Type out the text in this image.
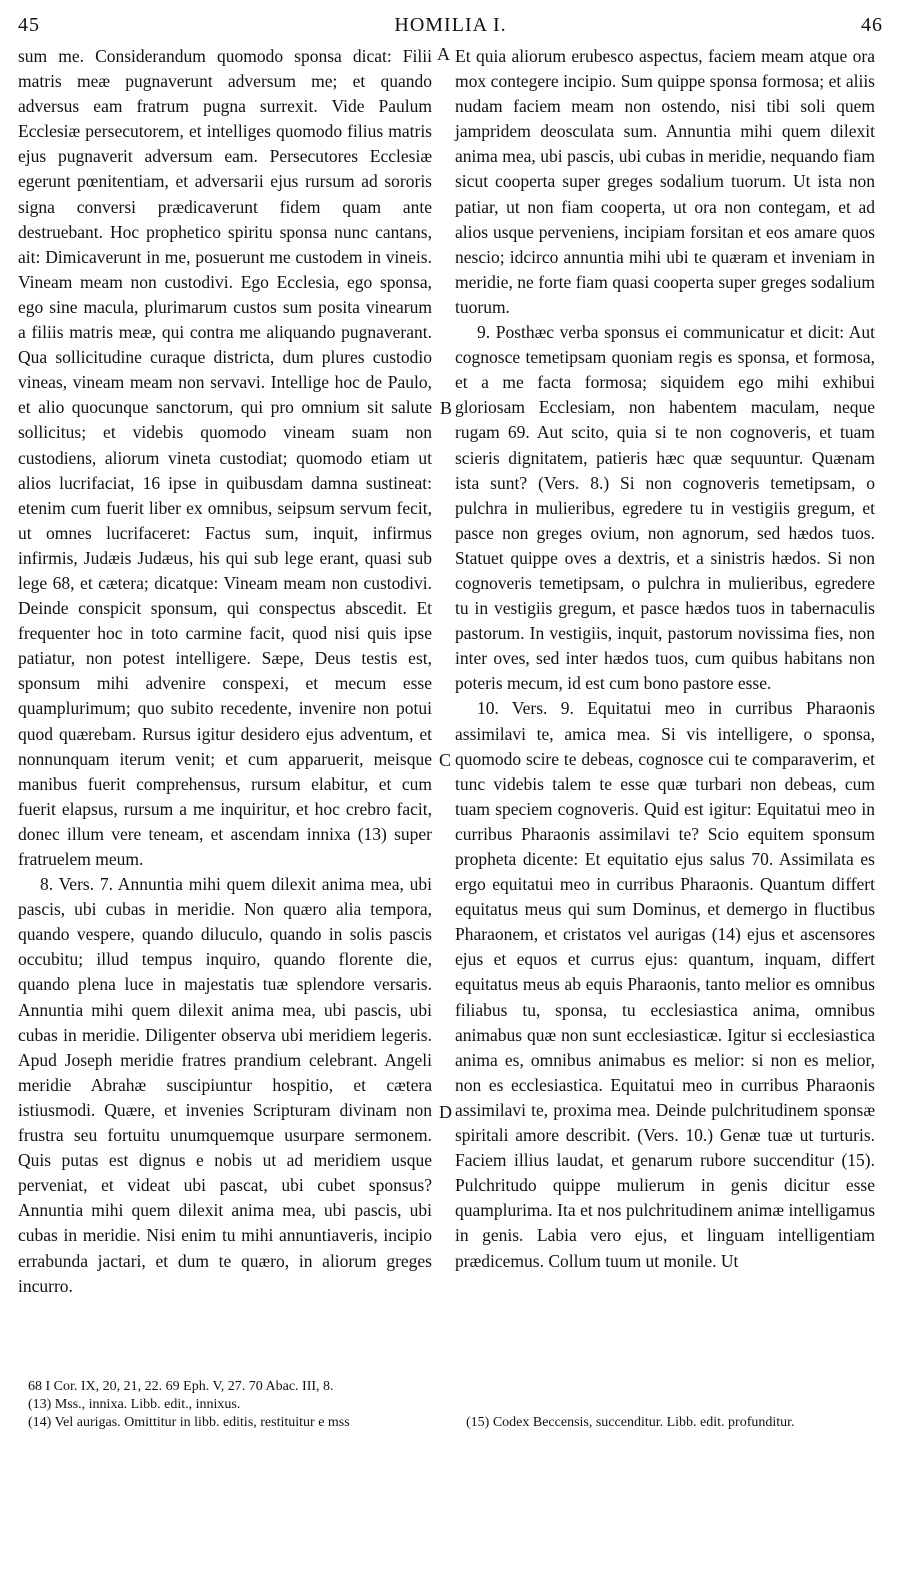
45	HOMILIA I.	46

sum me. Considerandum quomodo sponsa dicat: Filii matris meæ pugnaverunt adversum me; et quando adversus eam fratrum pugna surrexit. Vide Paulum Ecclesiæ persecutorem, et intelliges quomodo filius matris ejus pugnaverit adversum eam. Persecutores Ecclesiæ egerunt pœnitentiam, et adversarii ejus rursum ad sororis signa conversi prædicaverunt fidem quam ante destruebant. Hoc prophetico spiritu sponsa nunc cantans, ait: Dimicaverunt in me, posuerunt me custodem in vineis. Vineam meam non custodivi. Ego Ecclesia, ego sponsa, ego sine macula, plurimarum custos sum posita vinearum a filiis matris meæ, qui contra me aliquando pugnaverant. Qua sollicitudine curaque districta, dum plures custodio vineas, vineam meam non servavi. Intellige hoc de Paulo, et alio quocunque sanctorum, qui pro omnium sit salute sollicitus; et videbis quomodo vineam suam non custodiens, aliorum vineta custodiat; quomodo etiam ut alios lucrifaciat, 16 ipse in quibusdam damna sustineat: etenim cum fuerit liber ex omnibus, seipsum servum fecit, ut omnes lucrifaceret: Factus sum, inquit, infirmus infirmis, Judæis Judæus, his qui sub lege erant, quasi sub lege 68, et cætera; dicatque: Vineam meam non custodivi. Deinde conspicit sponsum, qui conspectus abscedit. Et frequenter hoc in toto carmine facit, quod nisi quis ipse patiatur, non potest intelligere. Sæpe, Deus testis est, sponsum mihi advenire conspexi, et mecum esse quamplurimum; quo subito recedente, invenire non potui quod quærebam. Rursus igitur desidero ejus adventum, et nonnunquam iterum venit; et cum apparuerit, meisque manibus fuerit comprehensus, rursum elabitur, et cum fuerit elapsus, rursum a me inquiritur, et hoc crebro facit, donec illum vere teneam, et ascendam innixa (13) super fratruelem meum.

8. Vers. 7. Annuntia mihi quem dilexit anima mea, ubi pascis, ubi cubas in meridie. Non quæro alia tempora, quando vespere, quando diluculo, quando in solis pascis occubitu; illud tempus inquiro, quando florente die, quando plena luce in majestatis tuæ splendore versaris. Annuntia mihi quem dilexit anima mea, ubi pascis, ubi cubas in meridie. Diligenter observa ubi meridiem legeris. Apud Joseph meridie fratres prandium celebrant. Angeli meridie Abrahæ suscipiuntur hospitio, et cætera istiusmodi. Quære, et invenies Scripturam divinam non frustra seu fortuitu unumquemque usurpare sermonem. Quis putas est dignus e nobis ut ad meridiem usque perveniat, et videat ubi pascat, ubi cubet sponsus? Annuntia mihi quem dilexit anima mea, ubi pascis, ubi cubas in meridie. Nisi enim tu mihi annuntiaveris, incipio errabunda jactari, et dum te quæro, in aliorum greges incurro.

A
B
C
D

Et quia aliorum erubesco aspectus, faciem meam atque ora mox contegere incipio. Sum quippe sponsa formosa; et aliis nudam faciem meam non ostendo, nisi tibi soli quem jampridem deosculata sum. Annuntia mihi quem dilexit anima mea, ubi pascis, ubi cubas in meridie, nequando fiam sicut cooperta super greges sodalium tuorum. Ut ista non patiar, ut non fiam cooperta, ut ora non contegam, et ad alios usque perveniens, incipiam forsitan et eos amare quos nescio; idcirco annuntia mihi ubi te quæram et inveniam in meridie, ne forte fiam quasi cooperta super greges sodalium tuorum.

9. Posthæc verba sponsus ei communicatur et dicit: Aut cognosce temetipsam quoniam regis es sponsa, et formosa, et a me facta formosa; siquidem ego mihi exhibui gloriosam Ecclesiam, non habentem maculam, neque rugam 69. Aut scito, quia si te non cognoveris, et tuam scieris dignitatem, patieris hæc quæ sequuntur. Quænam ista sunt? (Vers. 8.) Si non cognoveris temetipsam, o pulchra in mulieribus, egredere tu in vestigiis gregum, et pasce non greges ovium, non agnorum, sed hædos tuos. Statuet quippe oves a dextris, et a sinistris hædos. Si non cognoveris temetipsam, o pulchra in mulieribus, egredere tu in vestigiis gregum, et pasce hædos tuos in tabernaculis pastorum. In vestigiis, inquit, pastorum novissima fies, non inter oves, sed inter hædos tuos, cum quibus habitans non poteris mecum, id est cum bono pastore esse.

10. Vers. 9. Equitatui meo in curribus Pharaonis assimilavi te, amica mea. Si vis intelligere, o sponsa, quomodo scire te debeas, cognosce cui te comparaverim, et tunc videbis talem te esse quæ turbari non debeas, cum tuam speciem cognoveris. Quid est igitur: Equitatui meo in curribus Pharaonis assimilavi te? Scio equitem sponsum propheta dicente: Et equitatio ejus salus 70. Assimilata es ergo equitatui meo in curribus Pharaonis. Quantum differt equitatus meus qui sum Dominus, et demergo in fluctibus Pharaonem, et cristatos vel aurigas (14) ejus et ascensores ejus et equos et currus ejus: quantum, inquam, differt equitatus meus ab equis Pharaonis, tanto melior es omnibus filiabus tu, sponsa, tu ecclesiastica anima, omnibus animabus quæ non sunt ecclesiasticæ. Igitur si ecclesiastica anima es, omnibus animabus es melior: si non es melior, non es ecclesiastica. Equitatui meo in curribus Pharaonis assimilavi te, proxima mea. Deinde pulchritudinem sponsæ spiritali amore describit. (Vers. 10.) Genæ tuæ ut turturis. Faciem illius laudat, et genarum rubore succenditur (15). Pulchritudo quippe mulierum in genis dicitur esse quamplurima. Ita et nos pulchritudinem animæ intelligamus in genis. Labia vero ejus, et linguam intelligentiam prædicemus. Collum tuum ut monile. Ut

68 I Cor. IX, 20, 21, 22. 69 Eph. V, 27. 70 Abac. III, 8.
(13) Mss., innixa. Libb. edit., innixus.
(14) Vel aurigas. Omittitur in libb. editis, restituitur e mss	(15) Codex Beccensis, succenditur. Libb. edit. profunditur.
